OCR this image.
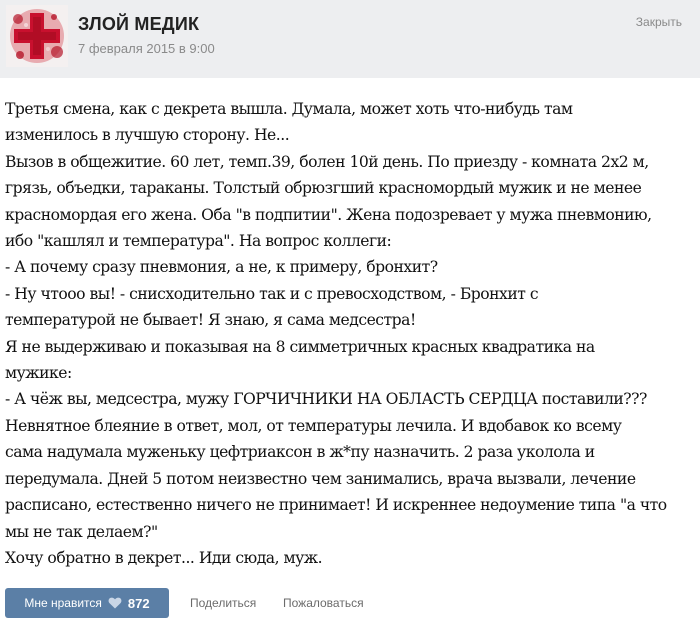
ЗЛОЙ МЕДИК
7 февраля 2015 в 9:00
Закрыть
Третья смена, как с декрета вышла. Думала, может хоть что-нибудь там
изменилось в лучшую сторону. Не...
Вызов в общежитие. 60 лет, темп.39, болен 10й день. По приезду - комната 2х2 м,
грязь, объедки, тараканы. Толстый обрюзгший красномордый мужик и не менее
красномордая его жена. Оба "в подпитии". Жена подозревает у мужа пневмонию,
ибо "кашлял и температура". На вопрос коллеги:
- А почему сразу пневмония, а не, к примеру, бронхит?
- Ну чтооо вы! - снисходительно так и с превосходством, - Бронхит с
температурой не бывает! Я знаю, я сама медсестра!
Я не выдерживаю и показывая на 8 симметричных красных квадратика на
мужике:
- А чёж вы, медсестра, мужу ГОРЧИЧНИКИ НА ОБЛАСТЬ СЕРДЦА поставили???
Невнятное блеяние в ответ, мол, от температуры лечила. И вдобавок ко всему
сама надумала муженьку цефтриаксон в ж*пу назначить. 2 раза уколола и
передумала. Дней 5 потом неизвестно чем занимались, врача вызвали, лечение
расписано, естественно ничего не принимает! И искреннее недоумение типа "а что
мы не так делаем?"
Хочу обратно в декрет... Иди сюда, муж.
Мне нравится 872	Поделиться Пожаловаться
